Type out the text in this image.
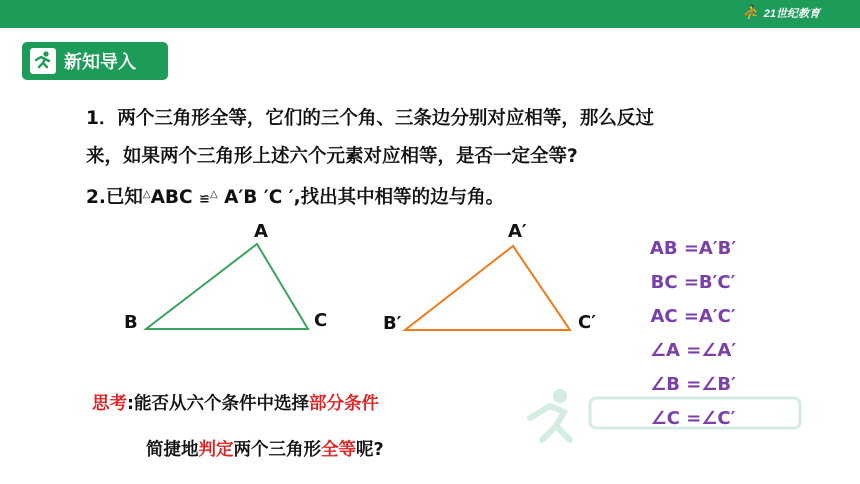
⛹ 21世纪教育
新知导入
1．两个三角形全等，它们的三个角、三条边分别对应相等，那么反过
来，如果两个三角形上述六个元素对应相等，是否一定全等?
2.已知△ABC ≌△ A′B ′C ′,找出其中相等的边与角。
A
B	C
A′
B′	C′
AB =A′B′
BC =B′C′
AC =A′C′
∠A =∠A′
∠B =∠B′
∠C =∠C′
思考:能否从六个条件中选择部分条件
简捷地判定两个三角形全等呢?
